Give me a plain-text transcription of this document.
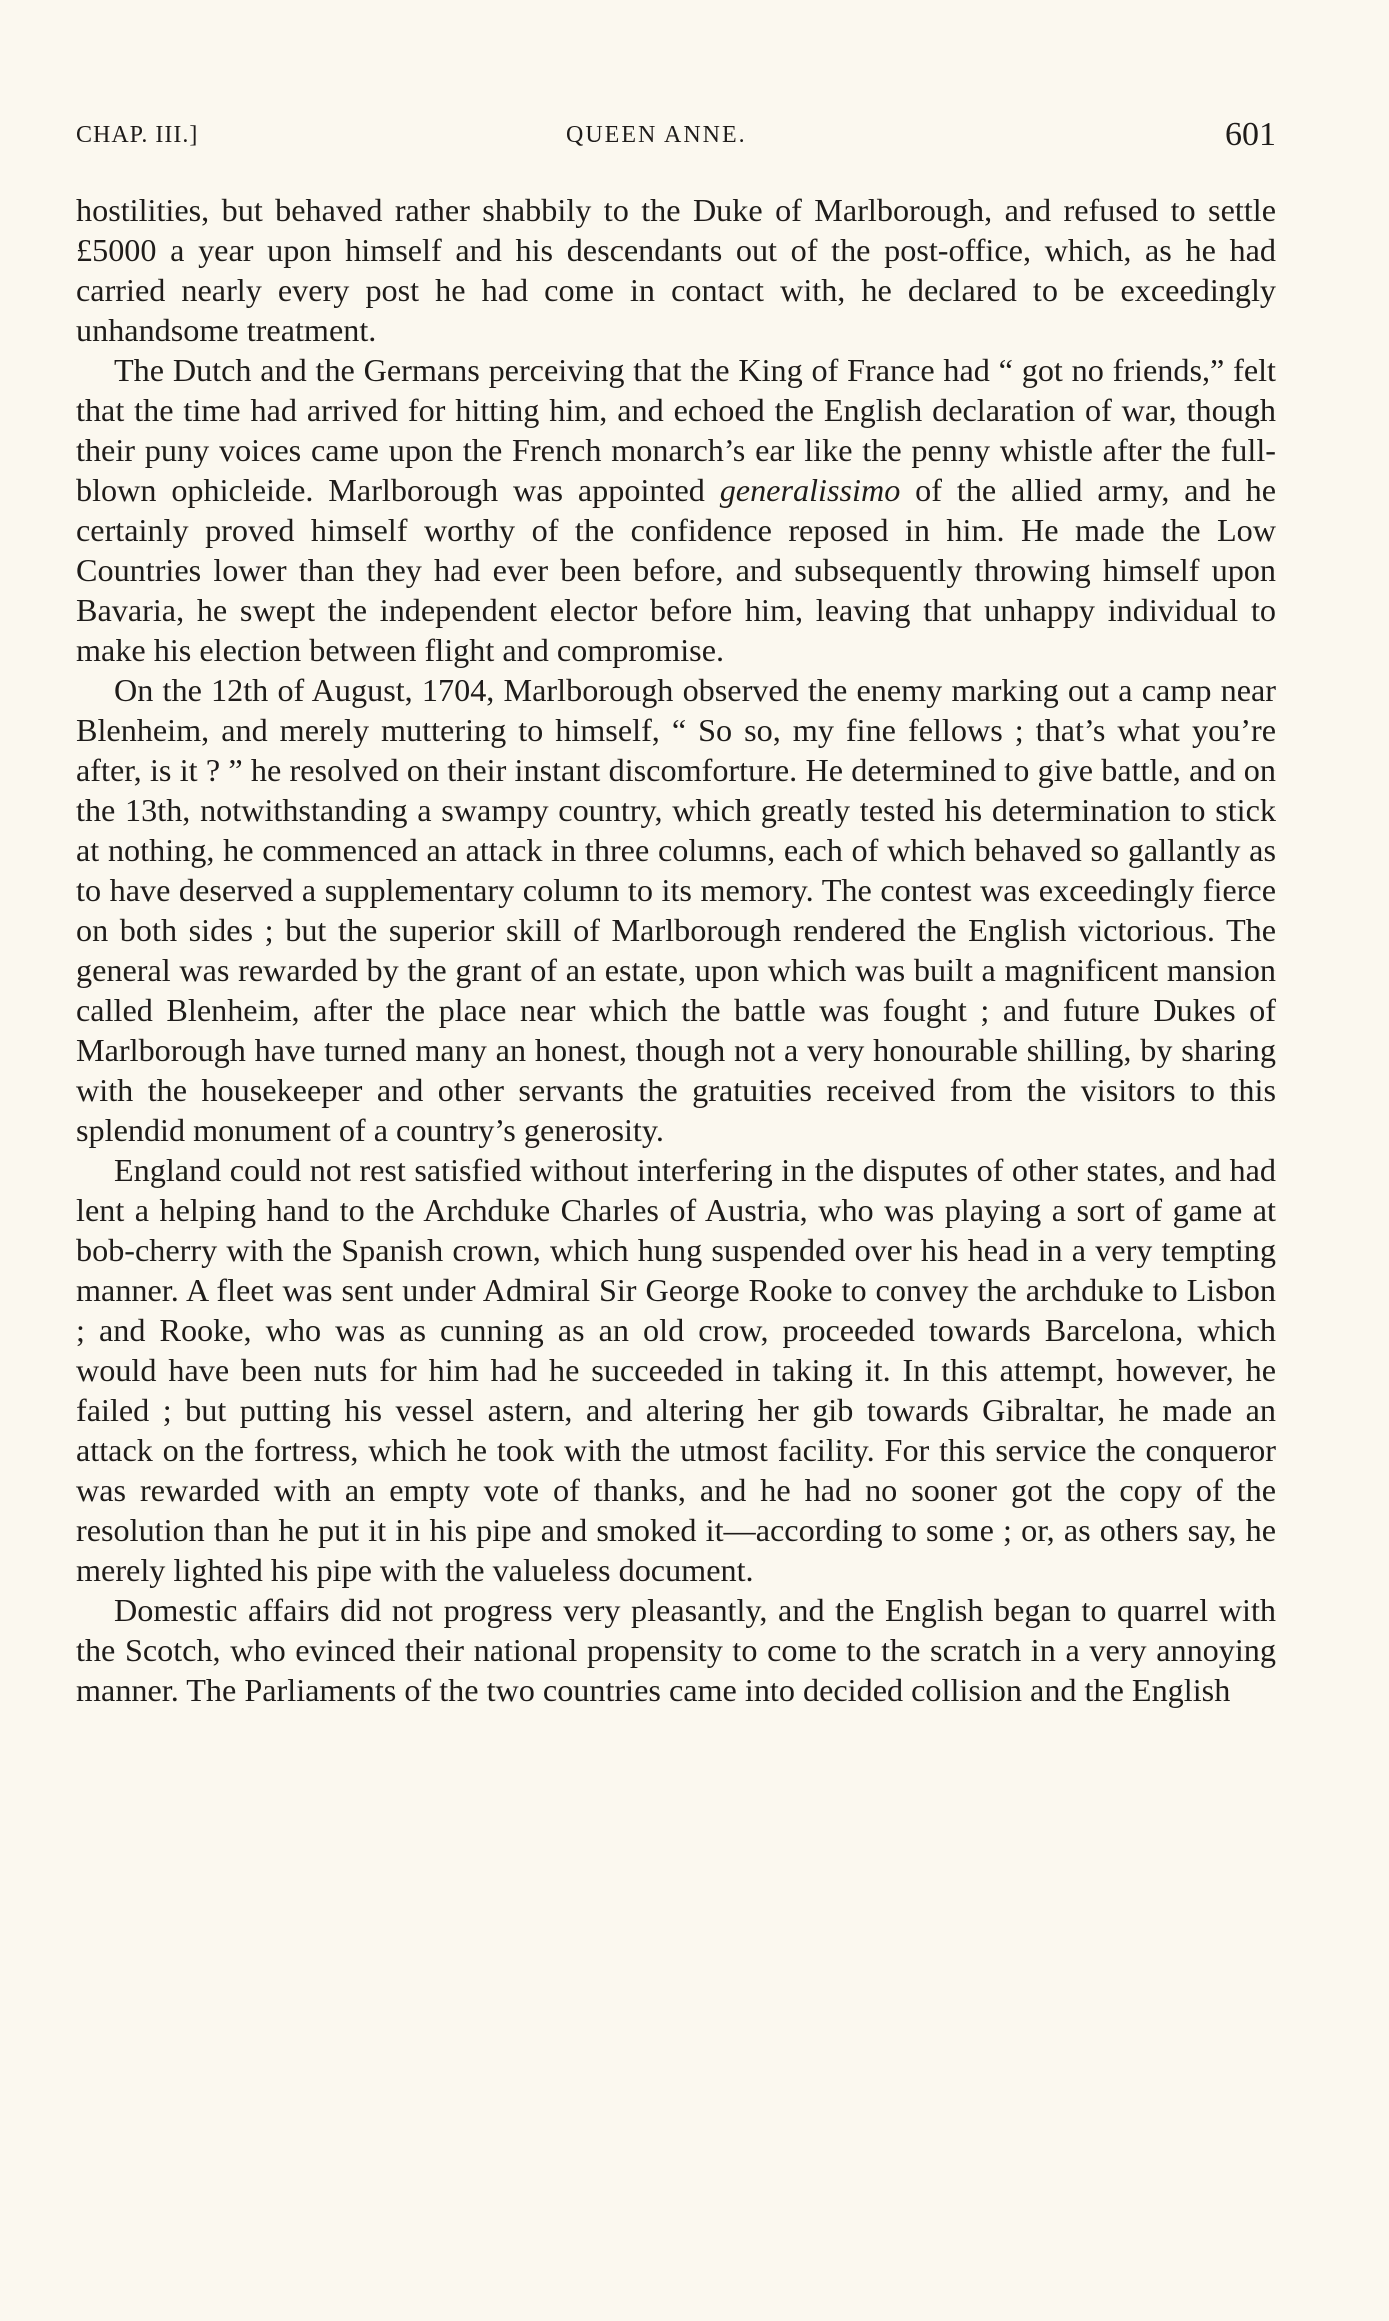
CHAP. III.]	QUEEN ANNE.	601

hostilities, but behaved rather shabbily to the Duke of Marlborough, and refused to settle £5000 a year upon himself and his descendants out of the post-office, which, as he had carried nearly every post he had come in contact with, he declared to be exceedingly unhandsome treatment.

The Dutch and the Germans perceiving that the King of France had “ got no friends,” felt that the time had arrived for hitting him, and echoed the English declaration of war, though their puny voices came upon the French monarch’s ear like the penny whistle after the full-blown ophicleide. Marlborough was appointed generalissimo of the allied army, and he certainly proved himself worthy of the confidence reposed in him. He made the Low Countries lower than they had ever been before, and subsequently throwing himself upon Bavaria, he swept the independent elector before him, leaving that unhappy individual to make his election between flight and compromise.

On the 12th of August, 1704, Marlborough observed the enemy marking out a camp near Blenheim, and merely muttering to himself, “ So so, my fine fellows ; that’s what you’re after, is it ? ” he resolved on their instant discomforture. He determined to give battle, and on the 13th, notwithstanding a swampy country, which greatly tested his determination to stick at nothing, he commenced an attack in three columns, each of which behaved so gallantly as to have deserved a supplementary column to its memory. The contest was exceedingly fierce on both sides ; but the superior skill of Marlborough rendered the English victorious. The general was rewarded by the grant of an estate, upon which was built a magnificent mansion called Blenheim, after the place near which the battle was fought ; and future Dukes of Marlborough have turned many an honest, though not a very honourable shilling, by sharing with the housekeeper and other servants the gratuities received from the visitors to this splendid monument of a country’s generosity.

England could not rest satisfied without interfering in the disputes of other states, and had lent a helping hand to the Archduke Charles of Austria, who was playing a sort of game at bob-cherry with the Spanish crown, which hung suspended over his head in a very tempting manner. A fleet was sent under Admiral Sir George Rooke to convey the archduke to Lisbon ; and Rooke, who was as cunning as an old crow, proceeded towards Barcelona, which would have been nuts for him had he succeeded in taking it. In this attempt, however, he failed ; but putting his vessel astern, and altering her gib towards Gibraltar, he made an attack on the fortress, which he took with the utmost facility. For this service the conqueror was rewarded with an empty vote of thanks, and he had no sooner got the copy of the resolution than he put it in his pipe and smoked it—according to some ; or, as others say, he merely lighted his pipe with the valueless document.

Domestic affairs did not progress very pleasantly, and the English began to quarrel with the Scotch, who evinced their national propensity to come to the scratch in a very annoying manner. The Parliaments of the two countries came into decided collision and the English
